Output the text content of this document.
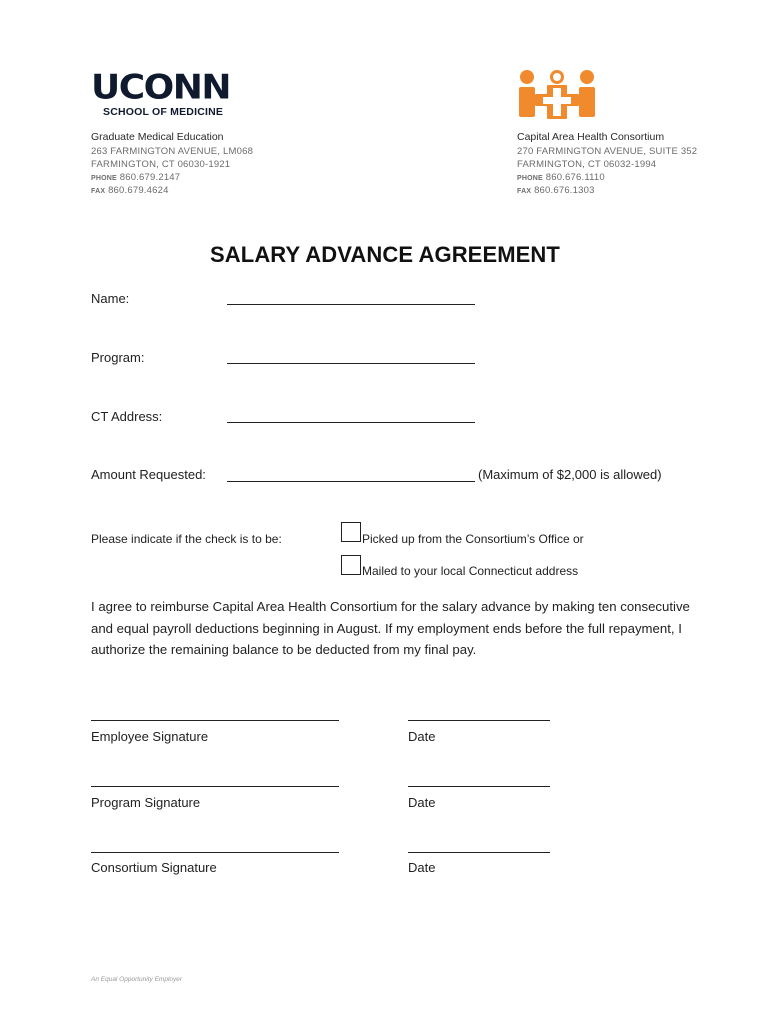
UCONN
SCHOOL OF MEDICINE
Graduate Medical Education
263 FARMINGTON AVENUE, LM068
FARMINGTON, CT 06030-1921
PHONE 860.679.2147
FAX 860.679.4624
Capital Area Health Consortium
270 FARMINGTON AVENUE, SUITE 352
FARMINGTON, CT 06032-1994
PHONE 860.676.1110
FAX 860.676.1303
SALARY ADVANCE AGREEMENT
Name:
Program:
CT Address:
Amount Requested:	(Maximum of $2,000 is allowed)
Please indicate if the check is to be:	Picked up from the Consortium’s Office or
Mailed to your local Connecticut address
I agree to reimburse Capital Area Health Consortium for the salary advance by making ten consecutive and equal payroll deductions beginning in August. If my employment ends before the full repayment, I authorize the remaining balance to be deducted from my final pay.
Employee Signature	Date
Program Signature	Date
Consortium Signature	Date
An Equal Opportunity Employer
